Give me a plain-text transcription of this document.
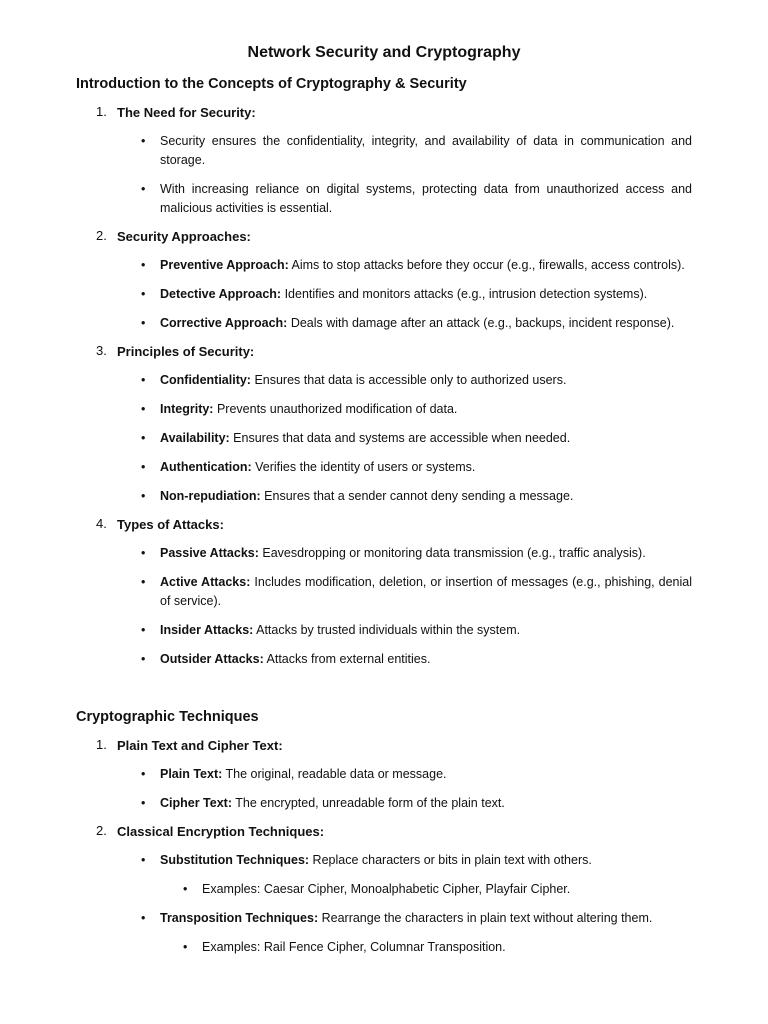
Network Security and Cryptography
Introduction to the Concepts of Cryptography & Security
1. The Need for Security:
• Security ensures the confidentiality, integrity, and availability of data in communication and storage.
• With increasing reliance on digital systems, protecting data from unauthorized access and malicious activities is essential.
2. Security Approaches:
• Preventive Approach: Aims to stop attacks before they occur (e.g., firewalls, access controls).
• Detective Approach: Identifies and monitors attacks (e.g., intrusion detection systems).
• Corrective Approach: Deals with damage after an attack (e.g., backups, incident response).
3. Principles of Security:
• Confidentiality: Ensures that data is accessible only to authorized users.
• Integrity: Prevents unauthorized modification of data.
• Availability: Ensures that data and systems are accessible when needed.
• Authentication: Verifies the identity of users or systems.
• Non-repudiation: Ensures that a sender cannot deny sending a message.
4. Types of Attacks:
• Passive Attacks: Eavesdropping or monitoring data transmission (e.g., traffic analysis).
• Active Attacks: Includes modification, deletion, or insertion of messages (e.g., phishing, denial of service).
• Insider Attacks: Attacks by trusted individuals within the system.
• Outsider Attacks: Attacks from external entities.
Cryptographic Techniques
1. Plain Text and Cipher Text:
• Plain Text: The original, readable data or message.
• Cipher Text: The encrypted, unreadable form of the plain text.
2. Classical Encryption Techniques:
• Substitution Techniques: Replace characters or bits in plain text with others.
• Examples: Caesar Cipher, Monoalphabetic Cipher, Playfair Cipher.
• Transposition Techniques: Rearrange the characters in plain text without altering them.
• Examples: Rail Fence Cipher, Columnar Transposition.
